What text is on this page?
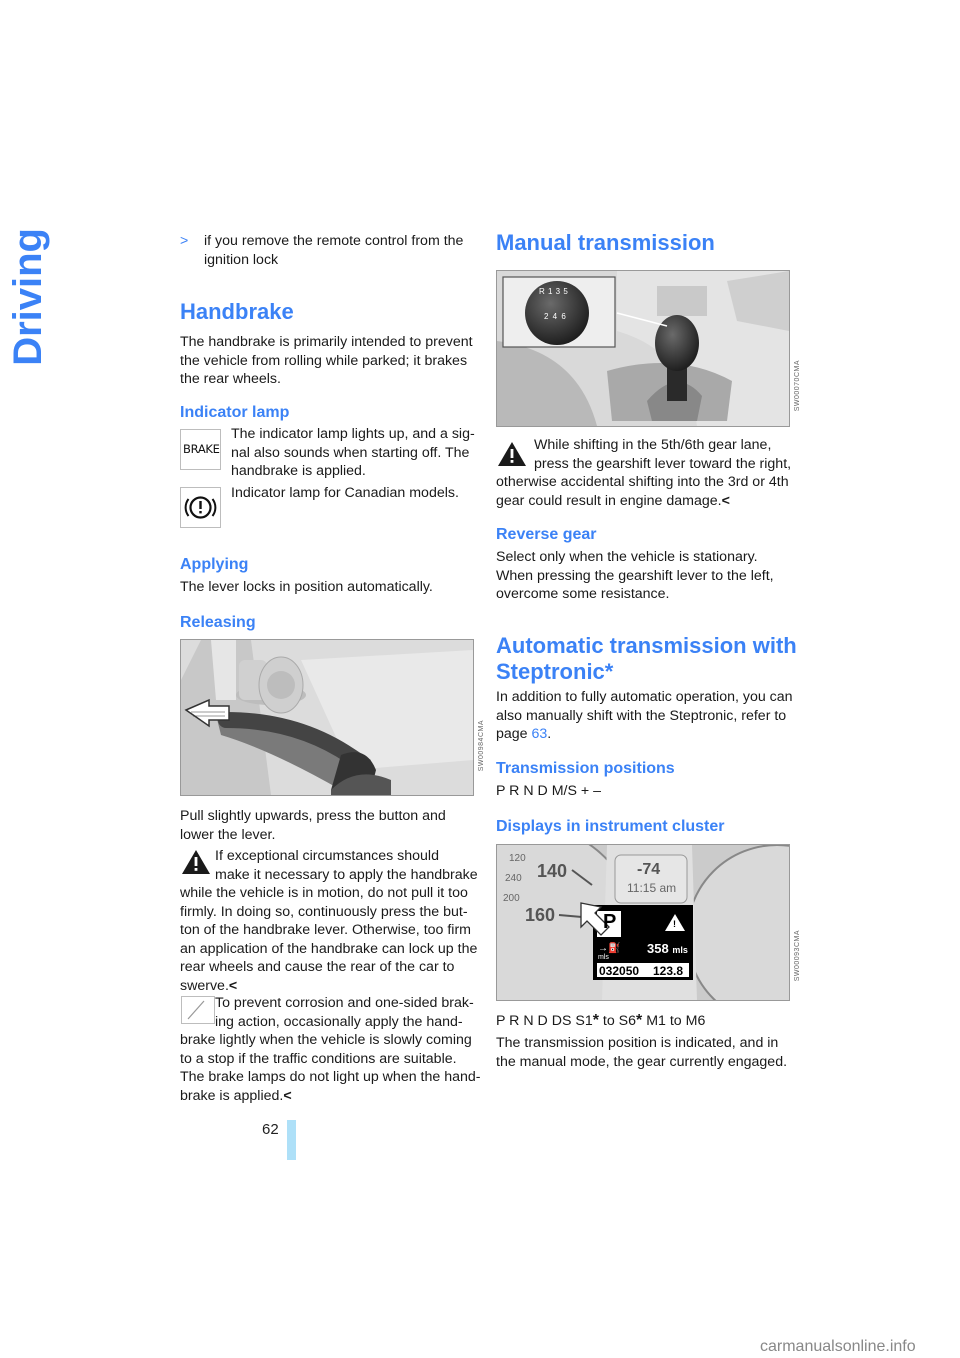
Driving
62
> if you remove the remote control from the
ignition lock
Handbrake
The handbrake is primarily intended to prevent
the vehicle from rolling while parked; it brakes
the rear wheels.
Indicator lamp
BRAKE
The indicator lamp lights up, and a sig-
nal also sounds when starting off. The
handbrake is applied.
Indicator lamp for Canadian models.
Applying
The lever locks in position automatically.
Releasing
SW00984CMA
Pull slightly upwards, press the button and
lower the lever.
If exceptional circumstances should
make it necessary to apply the handbrake
while the vehicle is in motion, do not pull it too
firmly. In doing so, continuously press the but-
ton of the handbrake lever. Otherwise, too firm
an application of the handbrake can lock up the
rear wheels and cause the rear of the car to
swerve.<
To prevent corrosion and one-sided brak-
ing action, occasionally apply the hand-
brake lightly when the vehicle is slowly coming
to a stop if the traffic conditions are suitable.
The brake lamps do not light up when the hand-
brake is applied.<
Manual transmission
R 1 3 5
2 4 6
SW00070CMA
While shifting in the 5th/6th gear lane,
press the gearshift lever toward the right,
otherwise accidental shifting into the 3rd or 4th
gear could result in engine damage.<
Reverse gear
Select only when the vehicle is stationary.
When pressing the gearshift lever to the left,
overcome some resistance.
Automatic transmission with
Steptronic*
In addition to fully automatic operation, you can
also manually shift with the Steptronic, refer to
page 63.
Transmission positions
P R N D M/S + –
Displays in instrument cluster
140
160
120
240
200
-74
11:15 am
P	!
→⛽ 358 mls
mls
032050 123.8	SW00093CMA
P R N D DS S1* to S6* M1 to M6
The transmission position is indicated, and in
the manual mode, the gear currently engaged.
carmanualsonline.info
